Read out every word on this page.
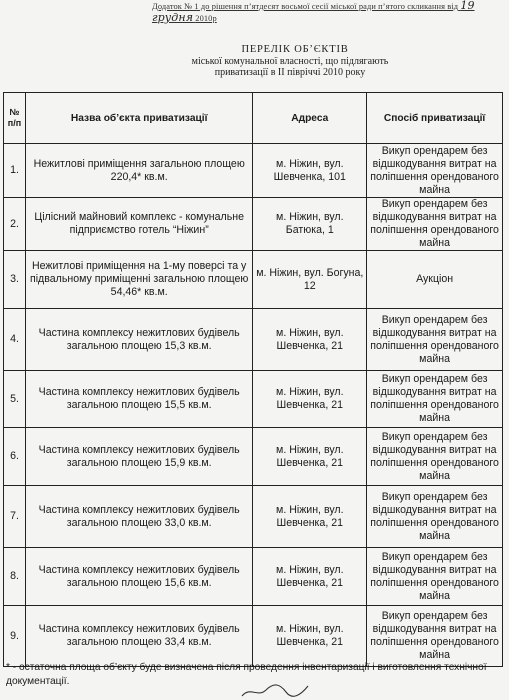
Додаток № 1 до рішення п’ятдесят восьмої сесії міської ради п’ятого скликання від 19 грудня 2010р
ПЕРЕЛІК ОБ’ЄКТІВ
міської комунальної власності, що підлягають
приватизації в ІІ півріччі 2010 року
№ п/п	Назва об’єкта приватизації	Адреса	Спосіб приватизації
1.	Нежитлові приміщення загальною площею 220,4* кв.м.	м. Ніжин, вул. Шевченка, 101	Викуп орендарем без відшкодування витрат на поліпшення орендованого майна
2.	Цілісний майновий комплекс - комунальне підприємство готель “Ніжин”	м. Ніжин, вул. Батюка, 1	Викуп орендарем без відшкодування витрат на поліпшення орендованого майна
3.	Нежитлові приміщення на 1-му поверсі та у підвальному приміщенні загальною площею 54,46* кв.м.	м. Ніжин, вул. Богуна, 12	Аукціон
4.	Частина комплексу нежитлових будівель загальною площею 15,3 кв.м.	м. Ніжин, вул. Шевченка, 21	Викуп орендарем без відшкодування витрат на поліпшення орендованого майна
5.	Частина комплексу нежитлових будівель загальною площею 15,5 кв.м.	м. Ніжин, вул. Шевченка, 21	Викуп орендарем без відшкодування витрат на поліпшення орендованого майна
6.	Частина комплексу нежитлових будівель загальною площею 15,9 кв.м.	м. Ніжин, вул. Шевченка, 21	Викуп орендарем без відшкодування витрат на поліпшення орендованого майна
7.	Частина комплексу нежитлових будівель загальною площею 33,0 кв.м.	м. Ніжин, вул. Шевченка, 21	Викуп орендарем без відшкодування витрат на поліпшення орендованого майна
8.	Частина комплексу нежитлових будівель загальною площею 15,6 кв.м.	м. Ніжин, вул. Шевченка, 21	Викуп орендарем без відшкодування витрат на поліпшення орендованого майна
9.	Частина комплексу нежитлових будівель загальною площею 33,4 кв.м.	м. Ніжин, вул. Шевченка, 21	Викуп орендарем без відшкодування витрат на поліпшення орендованого майна
* - остаточна площа об’єкту буде визначена після проведення інвентаризації і виготовлення технічної документації.
